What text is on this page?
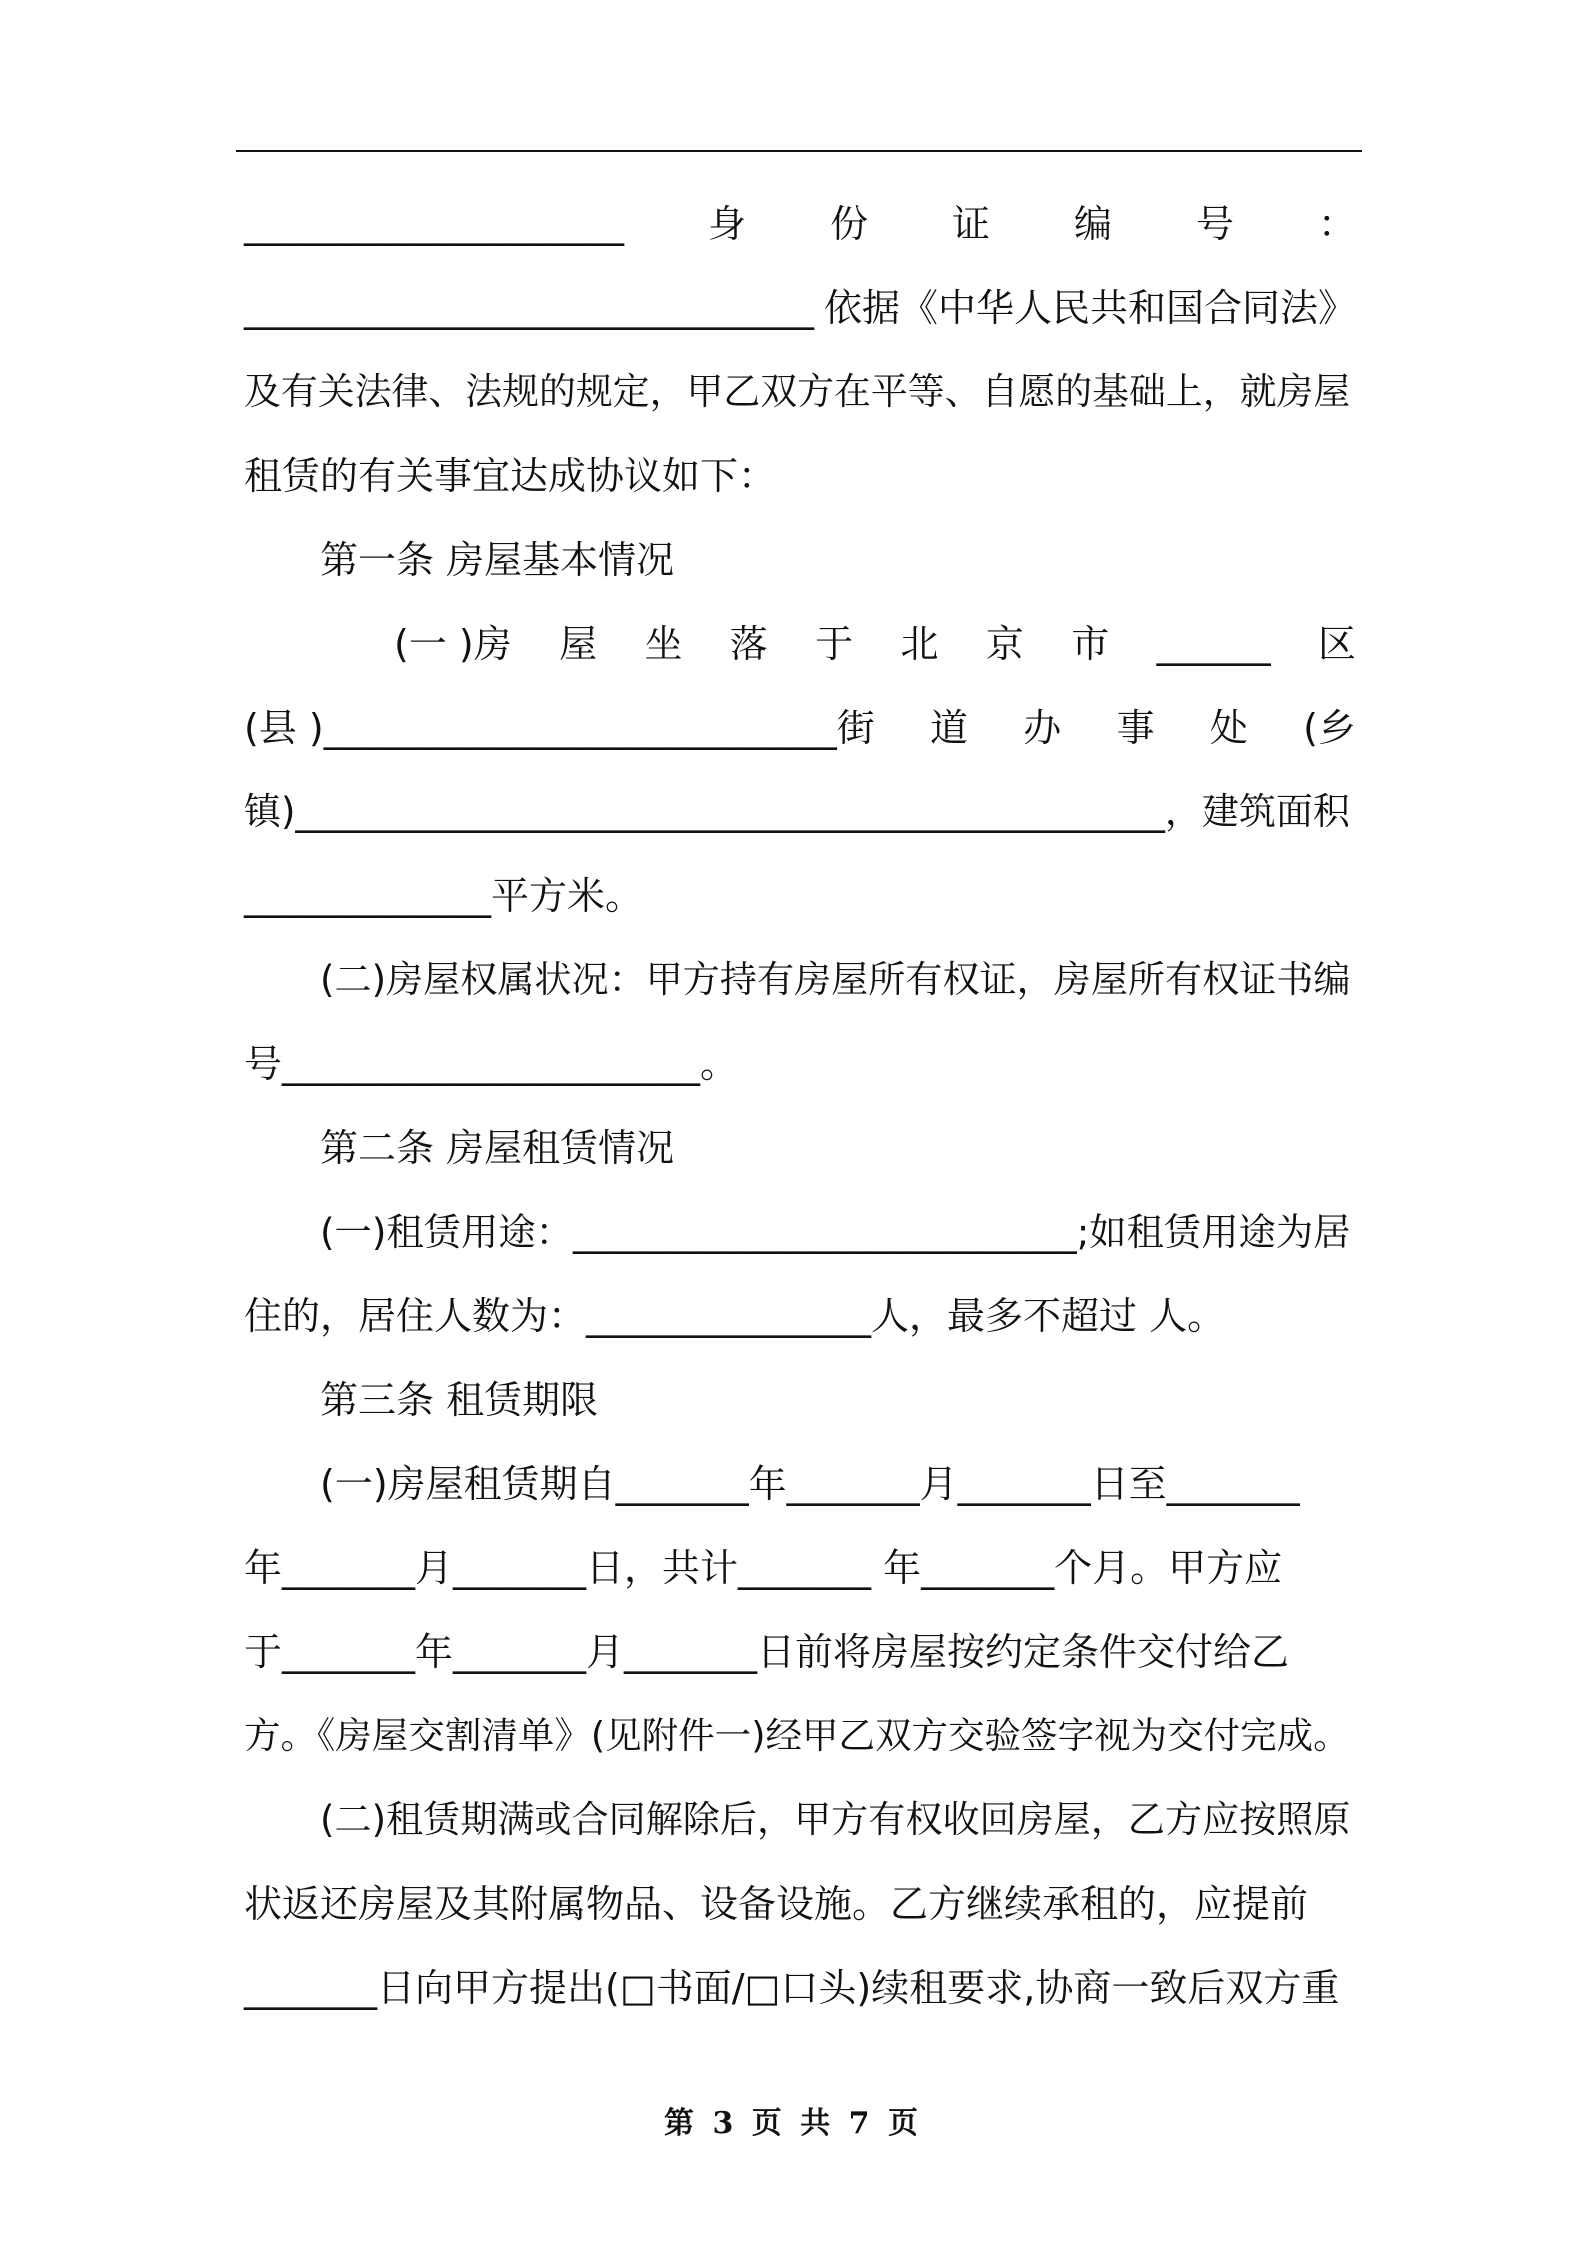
____________________ 身 份 证 编 号 ：
______________________________ 依据《中华人民共和国合同法》
及有关法律、法规的规定，甲乙双方在平等、自愿的基础上，就房屋
租赁的有关事宜达成协议如下：
第一条 房屋基本情况
(一 )房 屋 坐 落 于 北 京 市 ______ 区
(县 )___________________________街 道 办 事 处 (乡
镇)_______________________________________________，建筑面积
_____________平方米。
(二)房屋权属状况：甲方持有房屋所有权证，房屋所有权证书编
号______________________。
第二条 房屋租赁情况
(一)租赁用途：___________________________;如租赁用途为居
住的，居住人数为：_______________人，最多不超过 人。
第三条 租赁期限
(一)房屋租赁期自_______年_______月_______日至_______
年_______月_______日，共计_______ 年_______个月。甲方应
于_______年_______月_______日前将房屋按约定条件交付给乙
方。《房屋交割清单》(见附件一)经甲乙双方交验签字视为交付完成。
(二)租赁期满或合同解除后，甲方有权收回房屋，乙方应按照原
状返还房屋及其附属物品、设备设施。乙方继续承租的，应提前
_______日向甲方提出(□书面/□口头)续租要求,协商一致后双方重
第 3 页 共 7 页
